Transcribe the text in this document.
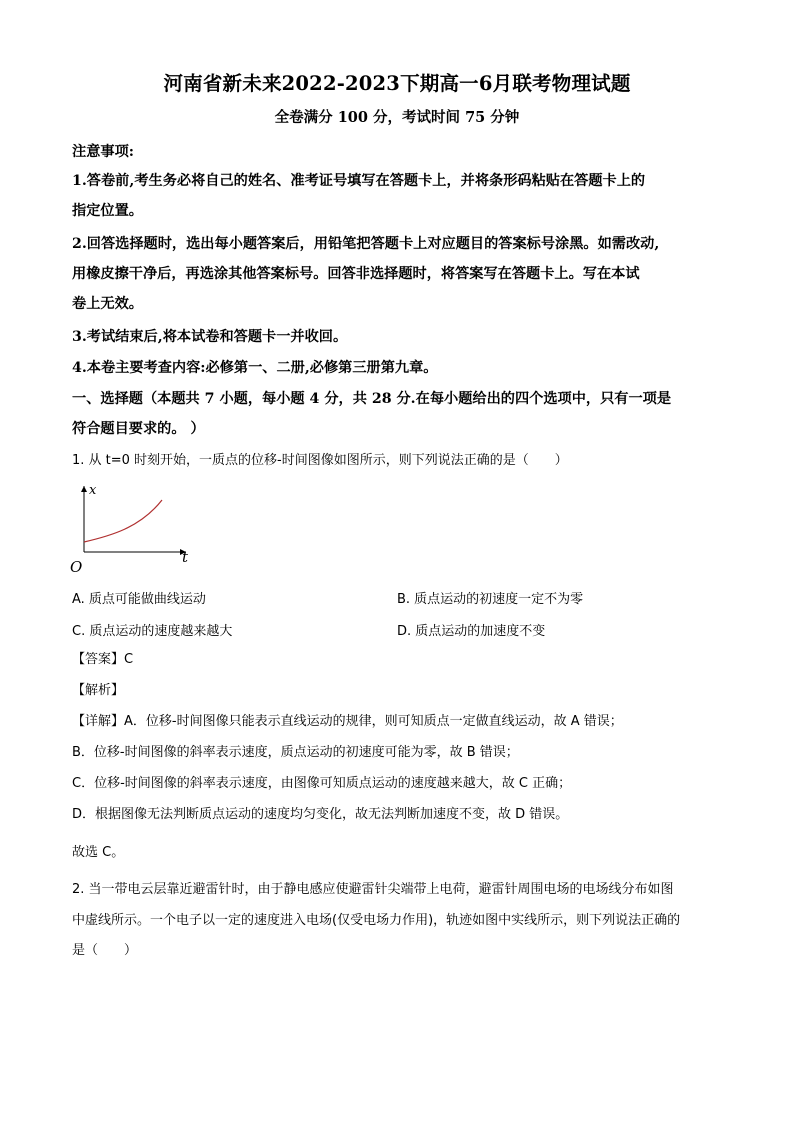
河南省新未来2022-2023下期高一6月联考物理试题
全卷满分 100 分，考试时间 75 分钟
注意事项:
1.答卷前,考生务必将自己的姓名、准考证号填写在答题卡上，并将条形码粘贴在答题卡上的
指定位置。
2.回答选择题时，选出每小题答案后，用铅笔把答题卡上对应题目的答案标号涂黑。如需改动,
用橡皮擦干净后，再选涂其他答案标号。回答非选择题时，将答案写在答题卡上。写在本试
卷上无效。
3.考试结束后,将本试卷和答题卡一并收回。
4.本卷主要考查内容:必修第一、二册,必修第三册第九章。
一、选择题（本题共 7 小题，每小题 4 分，共 28 分.在每小题给出的四个选项中，只有一项是
符合题目要求的。 ）
1. 从 t=0 时刻开始，一质点的位移-时间图像如图所示，则下列说法正确的是（　　）
x
t
O
A. 质点可能做曲线运动	B. 质点运动的初速度一定不为零
C. 质点运动的速度越来越大	D. 质点运动的加速度不变
【答案】C
【解析】
【详解】A．位移-时间图像只能表示直线运动的规律，则可知质点一定做直线运动，故 A 错误；
B．位移-时间图像的斜率表示速度，质点运动的初速度可能为零，故 B 错误；
C．位移-时间图像的斜率表示速度，由图像可知质点运动的速度越来越大，故 C 正确；
D．根据图像无法判断质点运动的速度均匀变化，故无法判断加速度不变，故 D 错误。
故选 C。
2. 当一带电云层靠近避雷针时，由于静电感应使避雷针尖端带上电荷，避雷针周围电场的电场线分布如图
中虚线所示。一个电子以一定的速度进入电场(仅受电场力作用)，轨迹如图中实线所示，则下列说法正确的
是（　　）
